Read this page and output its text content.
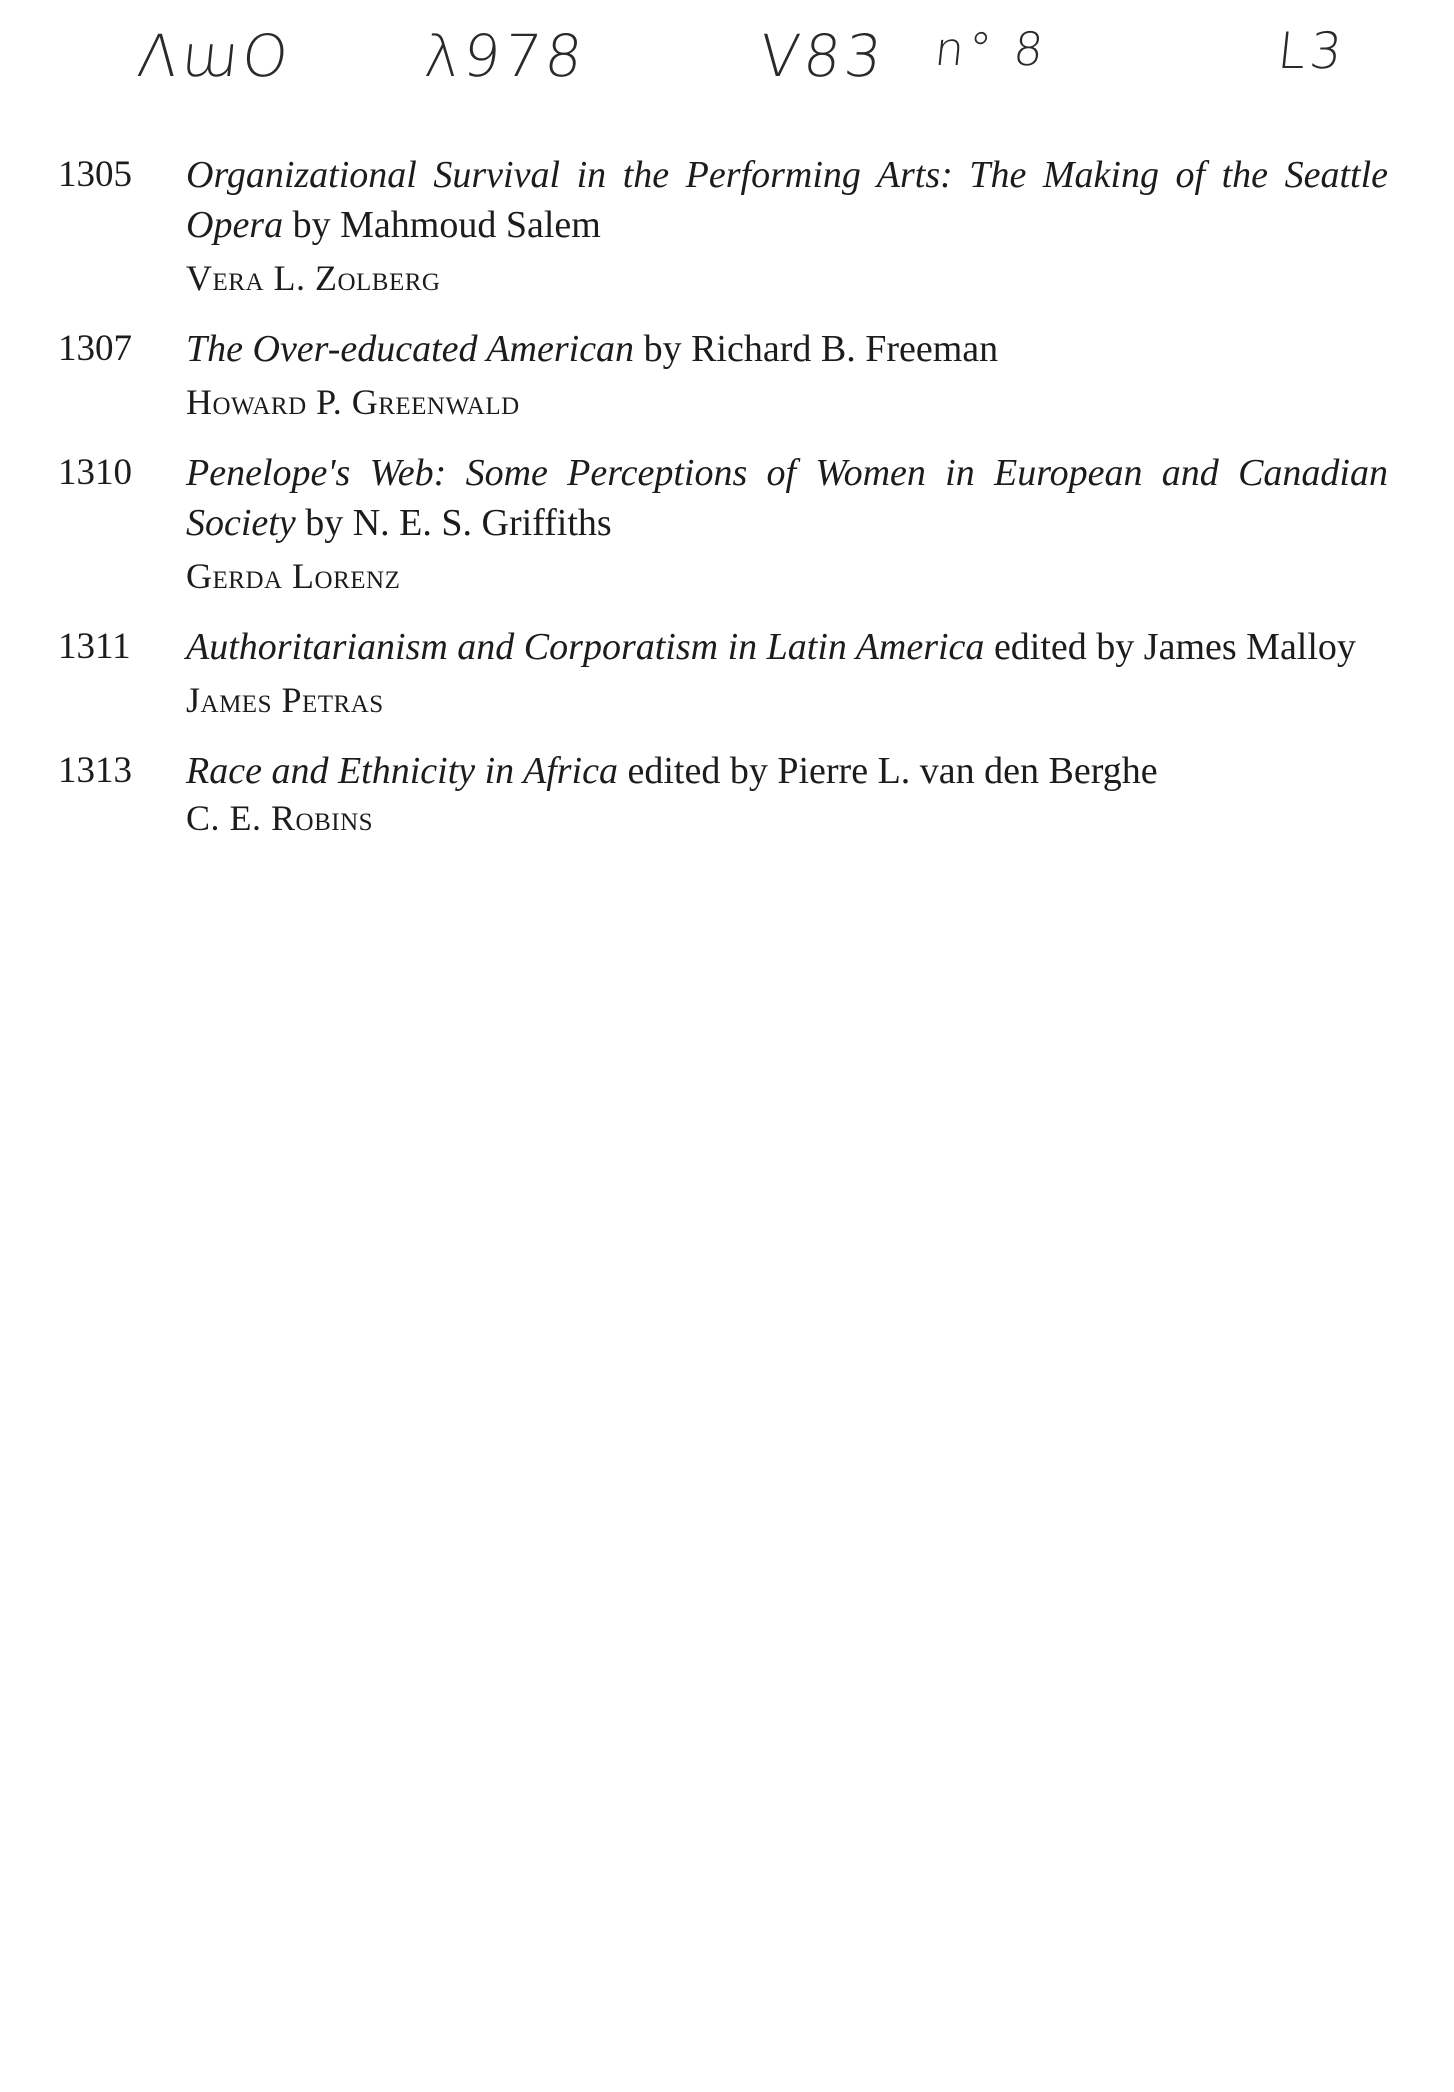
ΛɯO λ978	V83 n° 8	L3
1305	Organizational Survival in the Performing Arts: The Making of the Seattle Opera by Mahmoud Salem

Vera L. Zolberg
1307	The Over-educated American by Richard B. Freeman

Howard P. Greenwald
1310	Penelope's Web: Some Perceptions of Women in European and Canadian Society by N. E. S. Griffiths

Gerda Lorenz
1311	Authoritarianism and Corporatism in Latin America edited by James Malloy

James Petras
1313	Race and Ethnicity in Africa edited by Pierre L. van den Berghe

C. E. Robins
